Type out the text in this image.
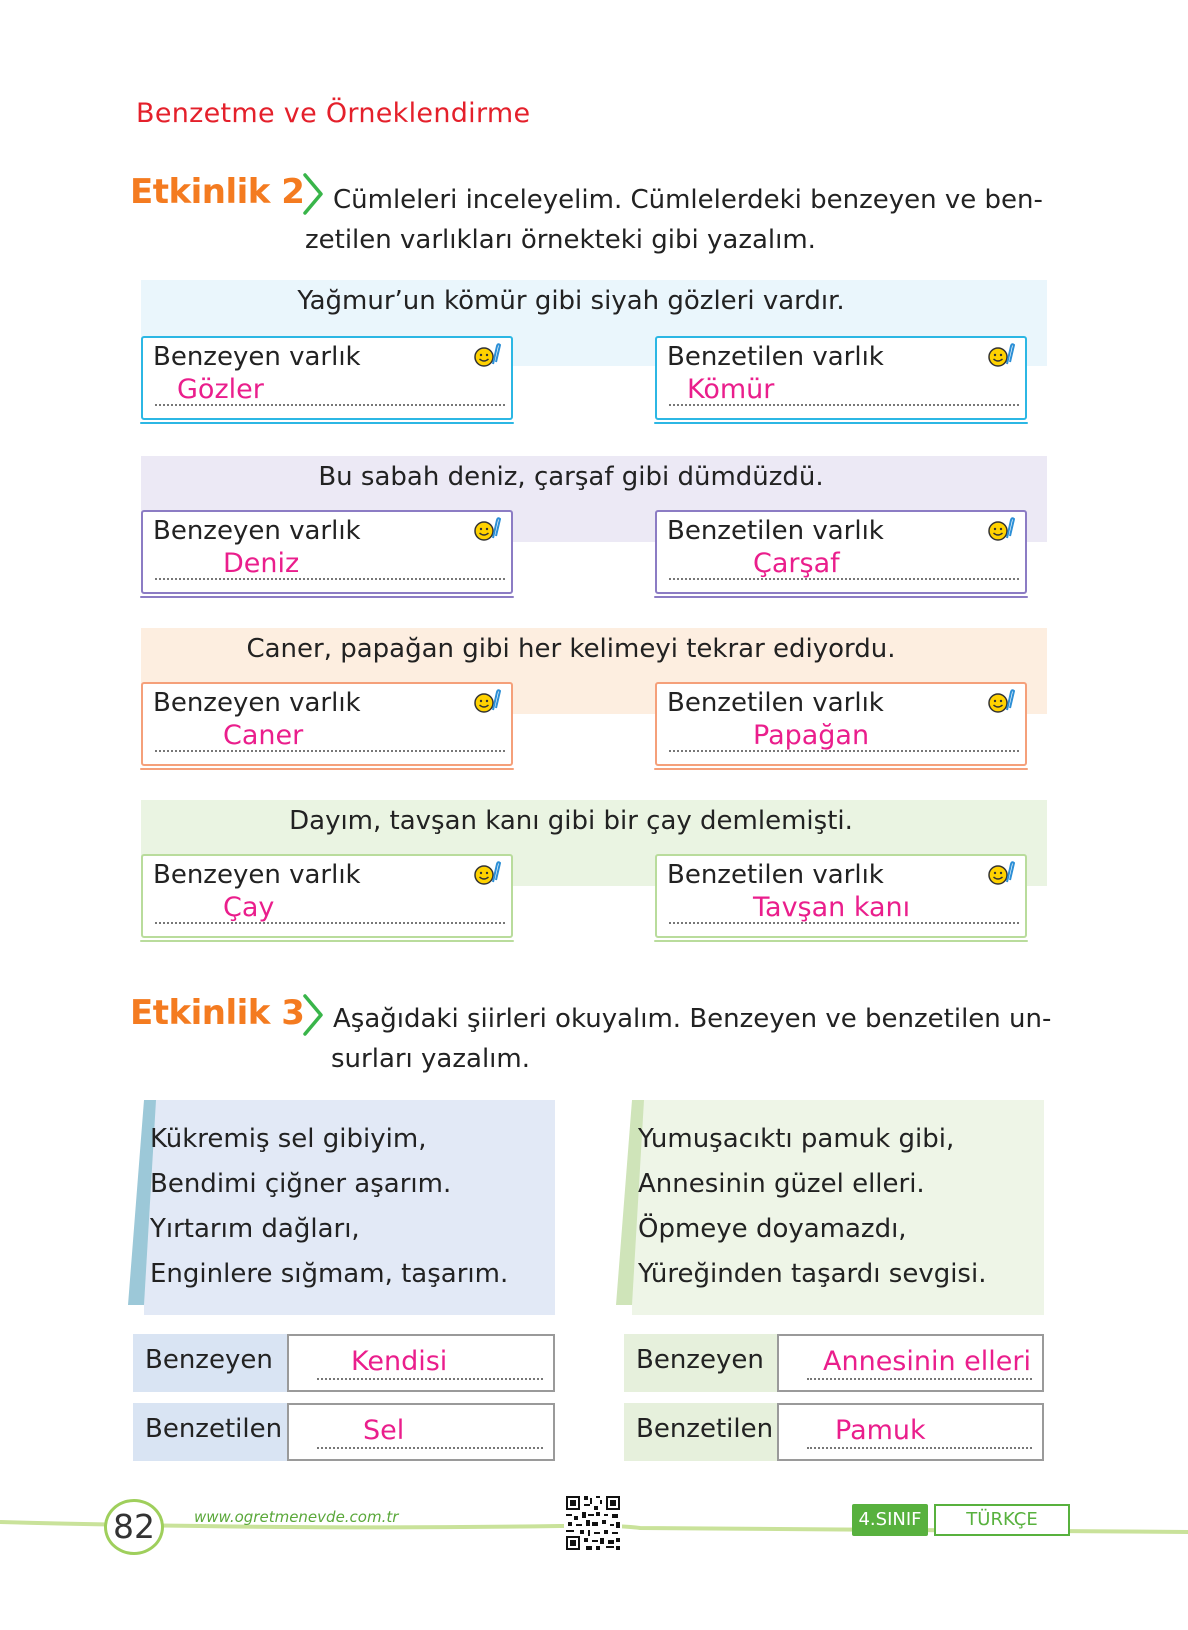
Benzetme ve Örneklendirme
Etkinlik 2 Cümleleri inceleyelim. Cümlelerdeki benzeyen ve ben-
zetilen varlıkları örnekteki gibi yazalım.
Yağmur’un kömür gibi siyah gözleri vardır.
Benzeyen varlık
Gözler
Benzetilen varlık
Kömür
Bu sabah deniz, çarşaf gibi dümdüzdü.
Benzeyen varlık
Deniz
Benzetilen varlık
Çarşaf
Caner, papağan gibi her kelimeyi tekrar ediyordu.
Benzeyen varlık
Caner
Benzetilen varlık
Papağan
Dayım, tavşan kanı gibi bir çay demlemişti.
Benzeyen varlık
Çay
Benzetilen varlık
Tavşan kanı
Etkinlik 3 Aşağıdaki şiirleri okuyalım. Benzeyen ve benzetilen un-
surları yazalım.
Kükremiş sel gibiyim,
Bendimi çiğner aşarım.
Yırtarım dağları,
Enginlere sığmam, taşarım.
Yumuşacıktı pamuk gibi,
Annesinin güzel elleri.
Öpmeye doyamazdı,
Yüreğinden taşardı sevgisi.
Benzeyen	Kendisi
Benzetilen	Sel
Benzeyen Annesinin elleri
Benzetilen Pamuk
82	www.ogretmenevde.com.tr	4.SINIF	TÜRKÇE
